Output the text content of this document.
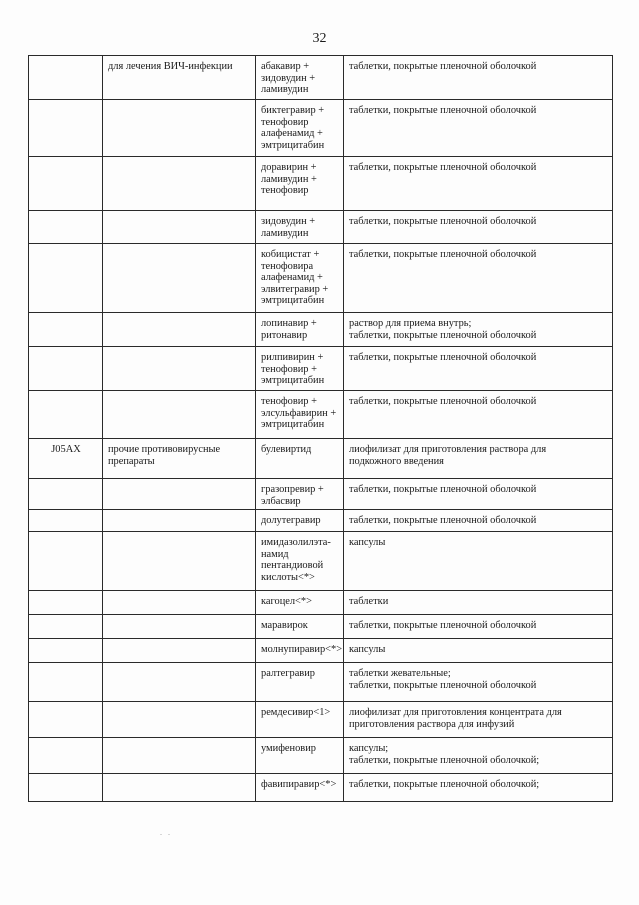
32
	для лечения ВИЧ-инфекции	абакавир +
зидовудин +
ламивудин	таблетки, покрытые пленочной оболочкой
		биктегравир +
тенофовир
алафенамид +
эмтрицитабин	таблетки, покрытые пленочной оболочкой
		доравирин +
ламивудин +
тенофовир	таблетки, покрытые пленочной оболочкой
		зидовудин +
ламивудин	таблетки, покрытые пленочной оболочкой
		кобицистат +
тенофовира
алафенамид +
элвитегравир +
эмтрицитабин	таблетки, покрытые пленочной оболочкой
		лопинавир +
ритонавир	раствор для приема внутрь;
таблетки, покрытые пленочной оболочкой
		рилпивирин +
тенофовир +
эмтрицитабин	таблетки, покрытые пленочной оболочкой
		тенофовир +
элсульфавирин +
эмтрицитабин	таблетки, покрытые пленочной оболочкой
J05AX	прочие противовирусные
препараты	булевиртид	лиофилизат для приготовления раствора для
подкожного введения
		гразопревир +
элбасвир	таблетки, покрытые пленочной оболочкой
		долутегравир	таблетки, покрытые пленочной оболочкой
		имидазолилэта-
намид
пентандиовой
кислоты<*>	капсулы
		кагоцел<*>	таблетки
		маравирок	таблетки, покрытые пленочной оболочкой
		молнупиравир<*>	капсулы
		ралтегравир	таблетки жевательные;
таблетки, покрытые пленочной оболочкой
		ремдесивир<1>	лиофилизат для приготовления концентрата для
приготовления раствора для инфузий
		умифеновир	капсулы;
таблетки, покрытые пленочной оболочкой;
		фавипиравир<*>	таблетки, покрытые пленочной оболочкой;
. .
